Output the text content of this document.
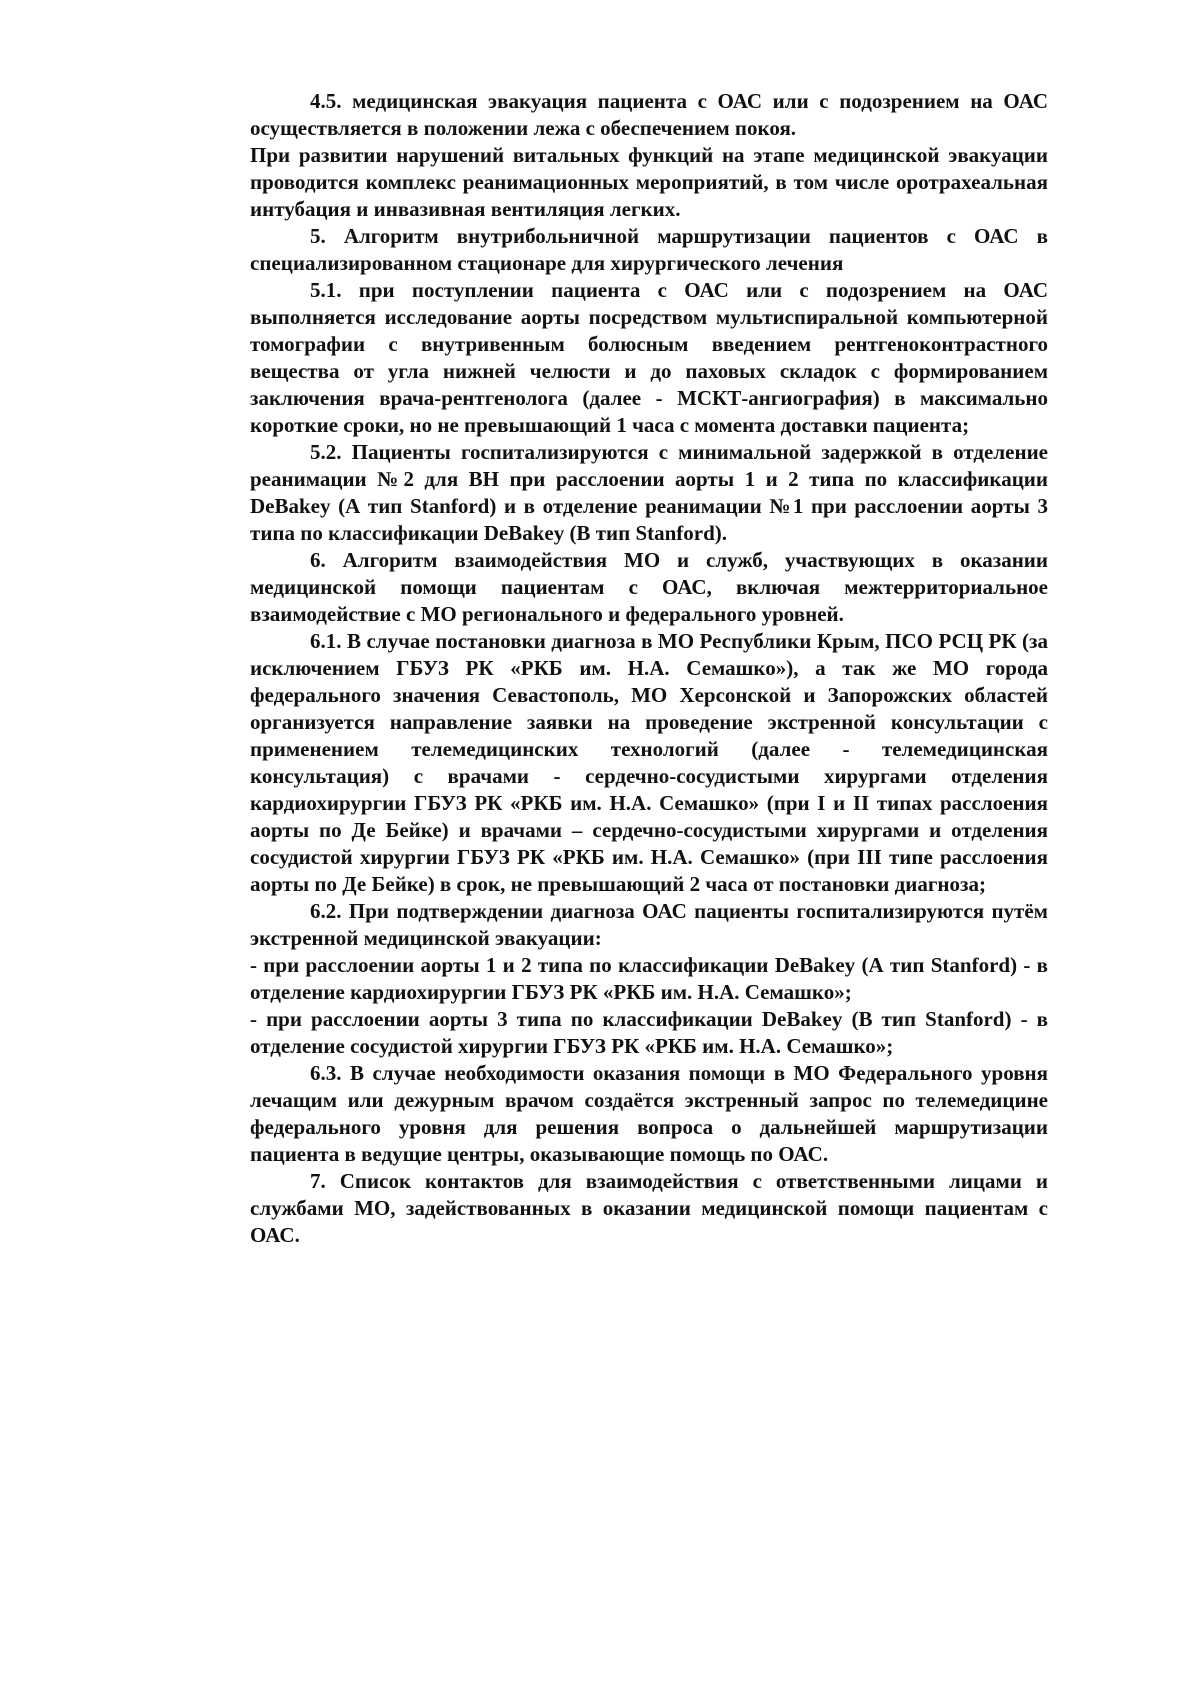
4.5. медицинская эвакуация пациента с ОАС или с подозрением на ОАС осуществляется в положении лежа с обеспечением покоя.

При развитии нарушений витальных функций на этапе медицинской эвакуации проводится комплекс реанимационных мероприятий, в том числе оротрахеальная интубация и инвазивная вентиляция легких.

5. Алгоритм внутрибольничной маршрутизации пациентов с ОАС в специализированном стационаре для хирургического лечения

5.1. при поступлении пациента с ОАС или с подозрением на ОАС выполняется исследование аорты посредством мультиспиральной компьютерной томографии с внутривенным болюсным введением рентгеноконтрастного вещества от угла нижней челюсти и до паховых складок с формированием заключения врача-рентгенолога (далее - МСКТ-ангиография) в максимально короткие сроки, но не превышающий 1 часа с момента доставки пациента;

5.2. Пациенты госпитализируются с минимальной задержкой в отделение реанимации №2 для ВН при расслоении аорты 1 и 2 типа по классификации DeBakey (А тип Stanford) и в отделение реанимации №1 при расслоении аорты 3 типа по классификации DeBakey (В тип Stanford).

6. Алгоритм взаимодействия МО и служб, участвующих в оказании медицинской помощи пациентам с ОАС, включая межтерриториальное взаимодействие с МО регионального и федерального уровней.

6.1. В случае постановки диагноза в МО Республики Крым, ПСО РСЦ РК (за исключением ГБУЗ РК «РКБ им. Н.А. Семашко»), а так же МО города федерального значения Севастополь, МО Херсонской и Запорожских областей организуется направление заявки на проведение экстренной консультации с применением телемедицинских технологий (далее - телемедицинская консультация) с врачами - сердечно-сосудистыми хирургами отделения кардиохирургии ГБУЗ РК «РКБ им. Н.А. Семашко» (при I и II типах расслоения аорты по Де Бейке) и врачами – сердечно-сосудистыми хирургами и отделения сосудистой хирургии ГБУЗ РК «РКБ им. Н.А. Семашко» (при III типе расслоения аорты по Де Бейке) в срок, не превышающий 2 часа от постановки диагноза;

6.2. При подтверждении диагноза ОАС пациенты госпитализируются путём экстренной медицинской эвакуации:

- при расслоении аорты 1 и 2 типа по классификации DeBakey (А тип Stanford) - в отделение кардиохирургии ГБУЗ РК «РКБ им. Н.А. Семашко»;

- при расслоении аорты 3 типа по классификации DeBakey (В тип Stanford) - в отделение сосудистой хирургии ГБУЗ РК «РКБ им. Н.А. Семашко»;

6.3. В случае необходимости оказания помощи в МО Федерального уровня лечащим или дежурным врачом создаётся экстренный запрос по телемедицине федерального уровня для решения вопроса о дальнейшей маршрутизации пациента в ведущие центры, оказывающие помощь по ОАС.

7. Список контактов для взаимодействия с ответственными лицами и службами МО, задействованных в оказании медицинской помощи пациентам с ОАС.
